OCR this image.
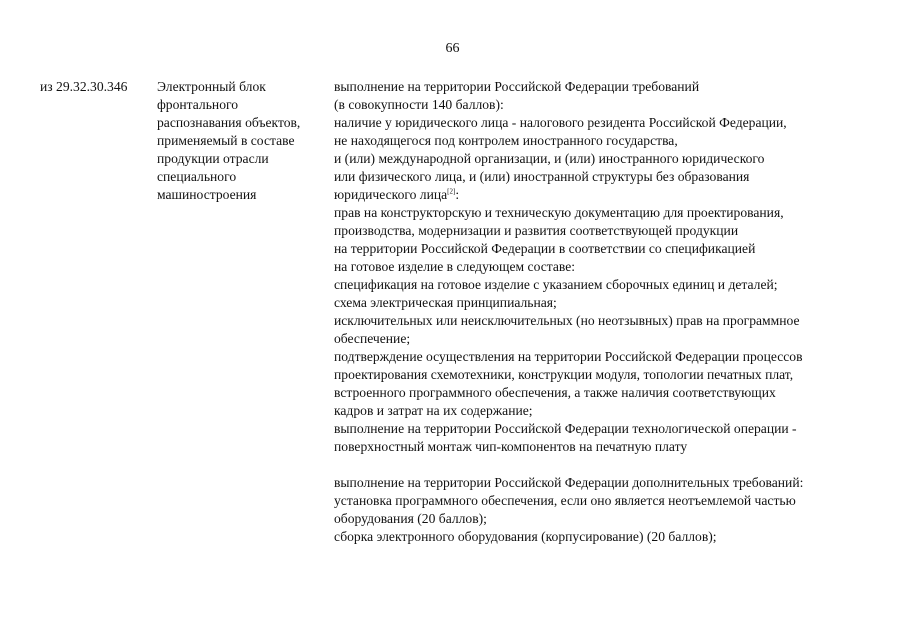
66
из 29.32.30.346	Электронный блок
фронтального
распознавания объектов,
применяемый в составе
продукции отрасли
специального
машиностроения
выполнение на территории Российской Федерации требований
(в совокупности 140 баллов):
наличие у юридического лица - налогового резидента Российской Федерации,
не находящегося под контролем иностранного государства,
и (или) международной организации, и (или) иностранного юридического
или физического лица, и (или) иностранной структуры без образования
юридического лица[2]:
прав на конструкторскую и техническую документацию для проектирования,
производства, модернизации и развития соответствующей продукции
на территории Российской Федерации в соответствии со спецификацией
на готовое изделие в следующем составе:
спецификация на готовое изделие с указанием сборочных единиц и деталей;
схема электрическая принципиальная;
исключительных или неисключительных (но неотзывных) прав на программное
обеспечение;
подтверждение осуществления на территории Российской Федерации процессов
проектирования схемотехники, конструкции модуля, топологии печатных плат,
встроенного программного обеспечения, а также наличия соответствующих
кадров и затрат на их содержание;
выполнение на территории Российской Федерации технологической операции -
поверхностный монтаж чип-компонентов на печатную плату
выполнение на территории Российской Федерации дополнительных требований:
установка программного обеспечения, если оно является неотъемлемой частью
оборудования (20 баллов);
сборка электронного оборудования (корпусирование) (20 баллов);
